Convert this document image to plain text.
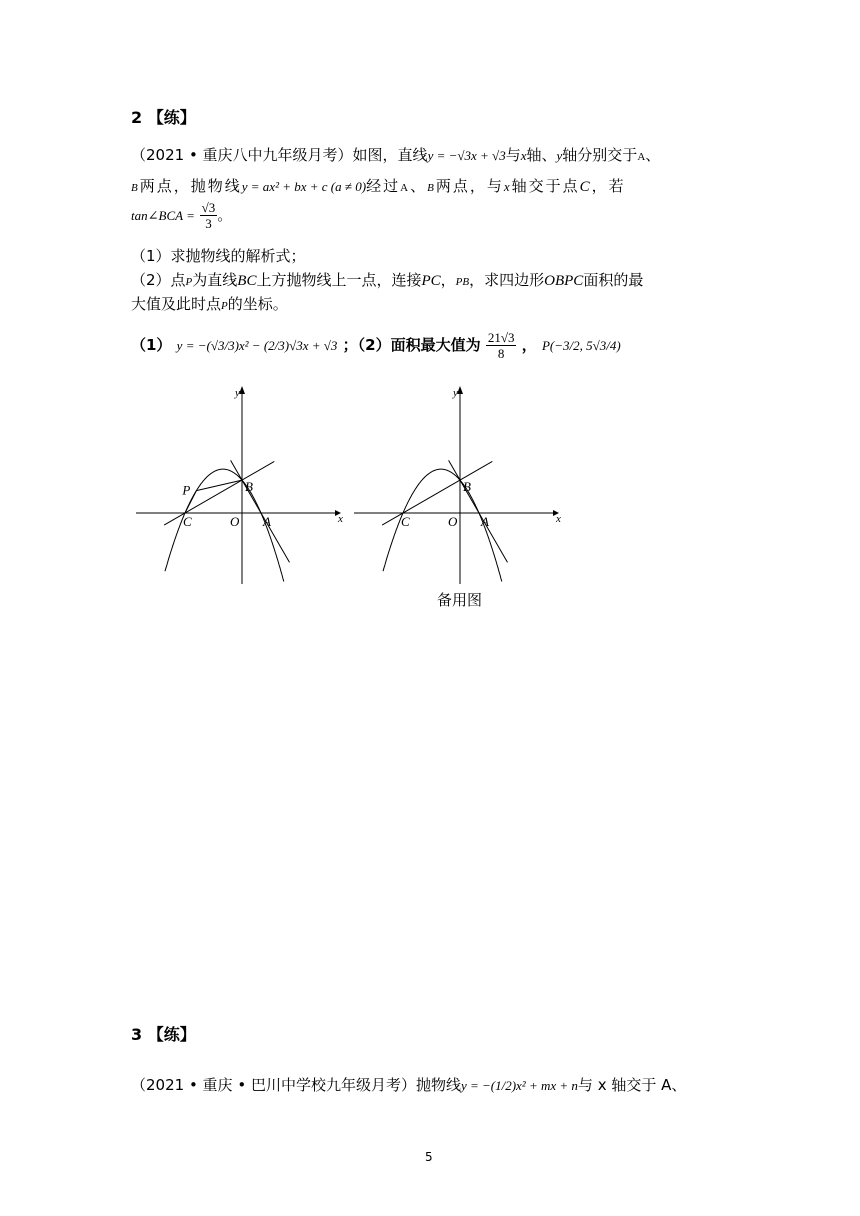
2 【练】
（2021 • 重庆八中九年级月考）如图，直线y = −√3x + √3与x轴、y轴分别交于A、
B两点，抛物线y = ax² + bx + c (a ≠ 0)经过A、B两点，与x轴交于点C，若
tan∠BCA = $\frac{√3}{3}$ 。
（1）求抛物线的解析式；
（2）点P为直线BC上方抛物线上一点，连接PC，PB，求四边形OBPC面积的最
大值及此时点P的坐标。
（1） y = −(√3/3)x² − (2/3)√3x + √3 ；（2）面积最大值为 $\frac{21√3}{8}$ ， P(−3/2, 5√3/4)
P
y
x
O A
B
C
y
x
O A
B
C
备用图
3 【练】
（2021 • 重庆 • 巴川中学校九年级月考）抛物线y = −(1/2)x² + mx + n与 x 轴交于 A、
5
